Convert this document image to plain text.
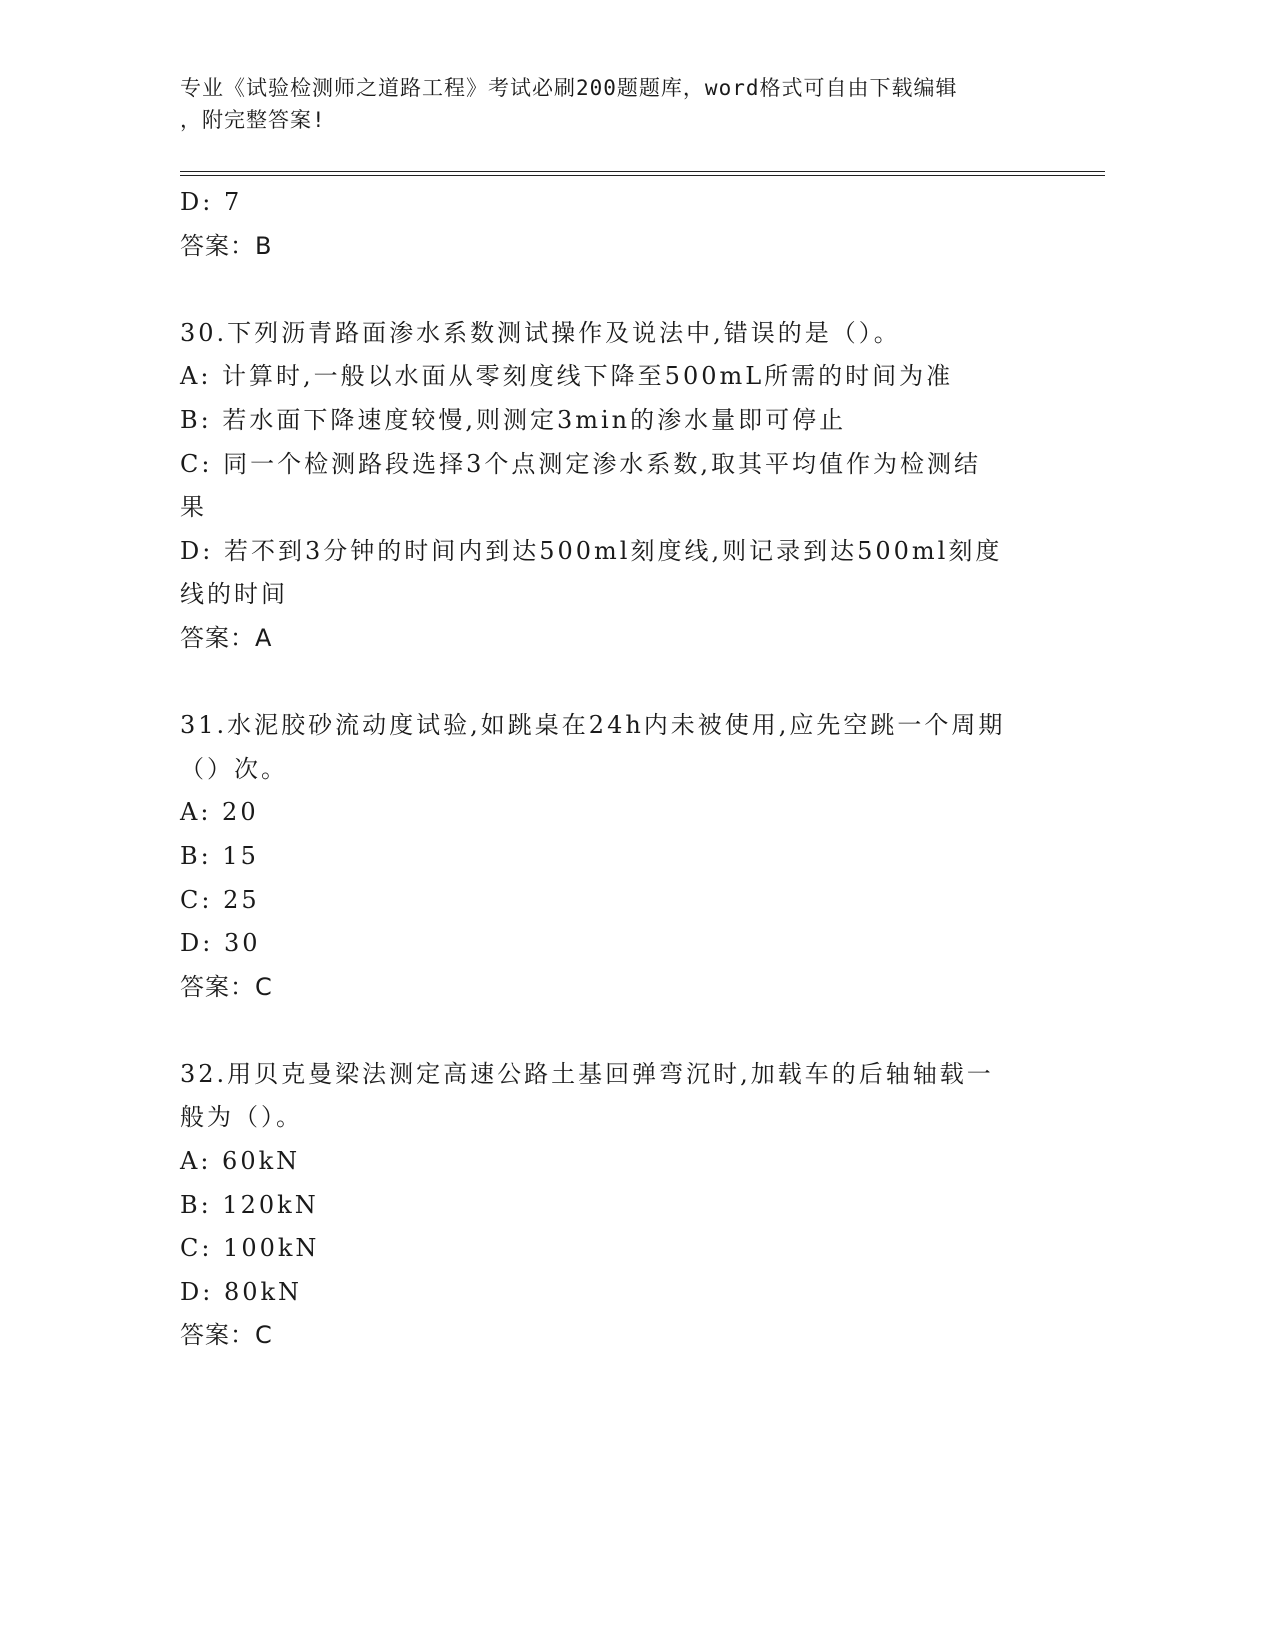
专业《试验检测师之道路工程》考试必刷200题题库，word格式可自由下载编辑
，附完整答案!
D: 7
答案：B
30.下列沥青路面渗水系数测试操作及说法中,错误的是（）。
A: 计算时,一般以水面从零刻度线下降至500mL所需的时间为准
B: 若水面下降速度较慢,则测定3min的渗水量即可停止
C: 同一个检测路段选择3个点测定渗水系数,取其平均值作为检测结
果
D: 若不到3分钟的时间内到达500ml刻度线,则记录到达500ml刻度
线的时间
答案：A
31.水泥胶砂流动度试验,如跳桌在24h内未被使用,应先空跳一个周期
（）次。
A: 20
B: 15
C: 25
D: 30
答案：C
32.用贝克曼梁法测定高速公路土基回弹弯沉时,加载车的后轴轴载一
般为（）。
A: 60kN
B: 120kN
C: 100kN
D: 80kN
答案：C
